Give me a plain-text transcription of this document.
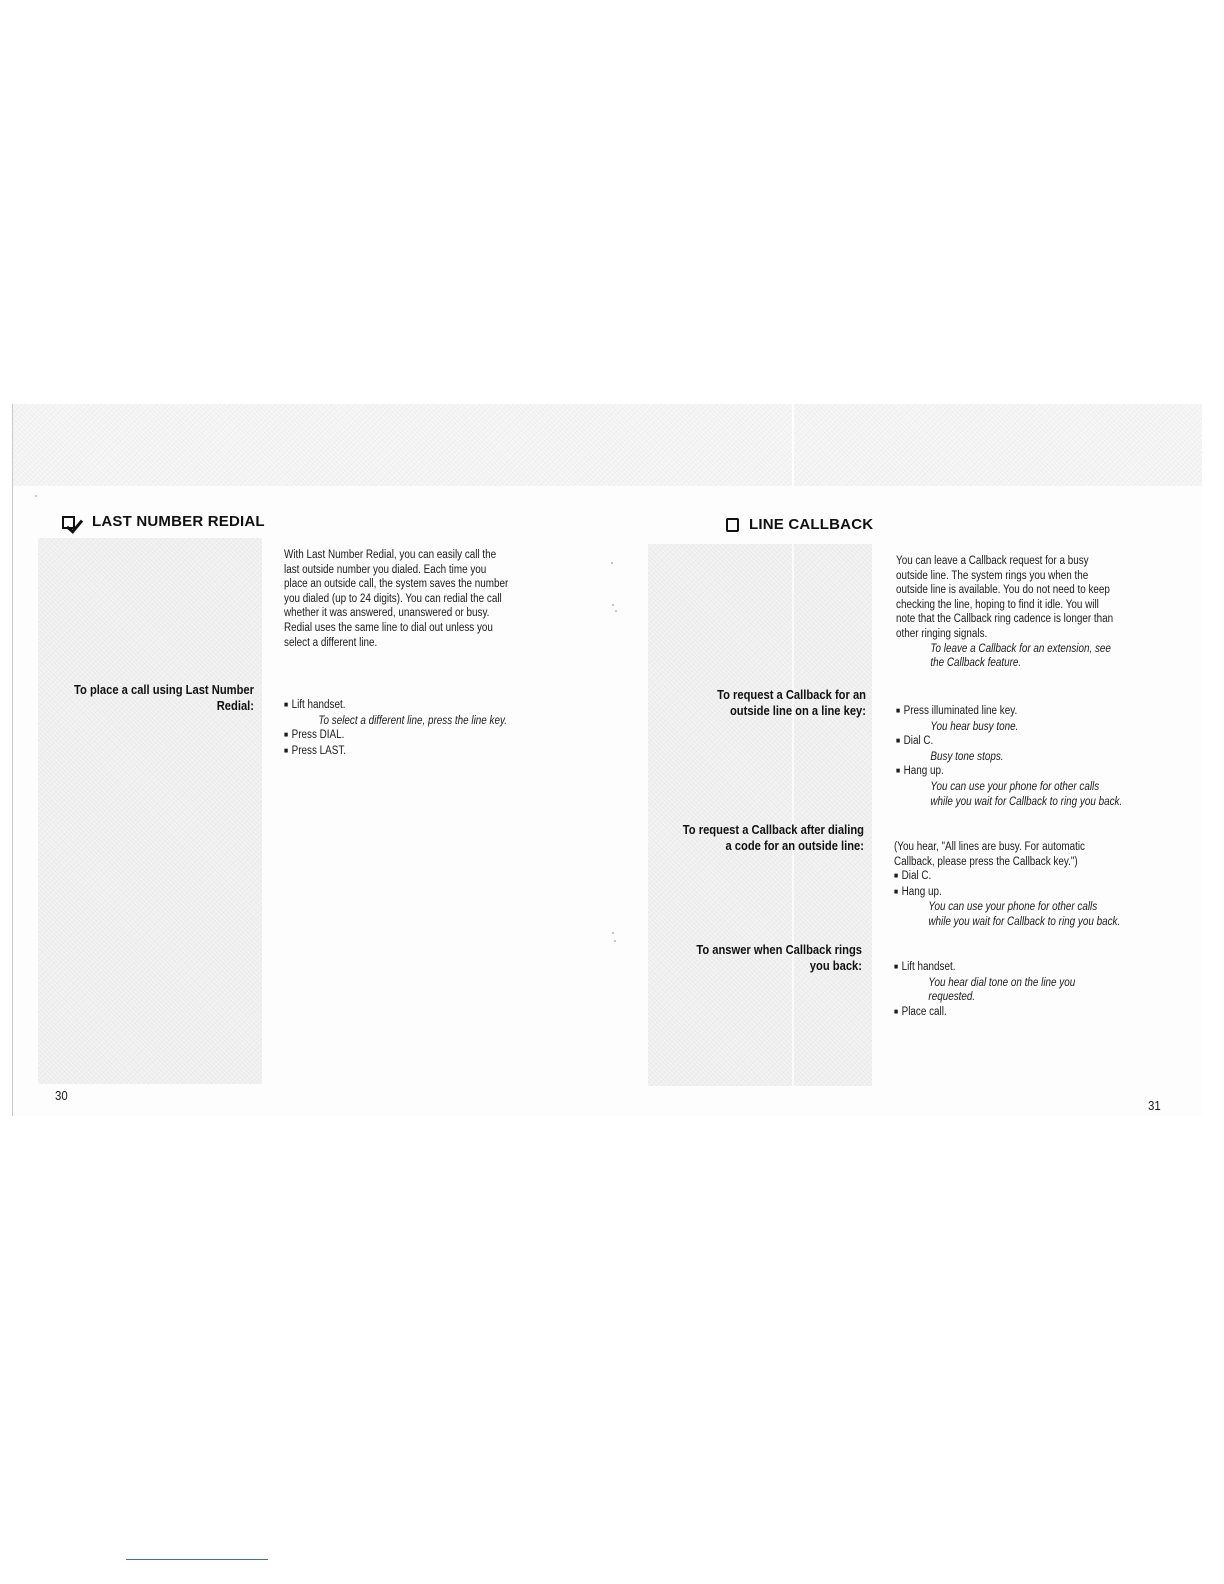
LAST NUMBER REDIAL
With Last Number Redial, you can easily call the
last outside number you dialed. Each time you
place an outside call, the system saves the number
you dialed (up to 24 digits). You can redial the call
whether it was answered, unanswered or busy.
Redial uses the same line to dial out unless you
select a different line.
To place a call using Last Number
Redial:	■ Lift handset.
To select a different line, press the line key.
■ Press DIAL.
■ Press LAST.
30
LINE CALLBACK
You can leave a Callback request for a busy
outside line. The system rings you when the
outside line is available. You do not need to keep
checking the line, hoping to find it idle. You will
note that the Callback ring cadence is longer than
other ringing signals.
To leave a Callback for an extension, see
the Callback feature.
To request a Callback for an
outside line on a line key:	■ Press illuminated line key.
You hear busy tone.
■ Dial C.
Busy tone stops.
■ Hang up.
You can use your phone for other calls
while you wait for Callback to ring you back.
To request a Callback after dialing
a code for an outside line:	(You hear, "All lines are busy. For automatic
Callback, please press the Callback key.")
■ Dial C.
■ Hang up.
You can use your phone for other calls
while you wait for Callback to ring you back.
To answer when Callback rings
you back:	■ Lift handset.
You hear dial tone on the line you
requested.
■ Place call.
31
